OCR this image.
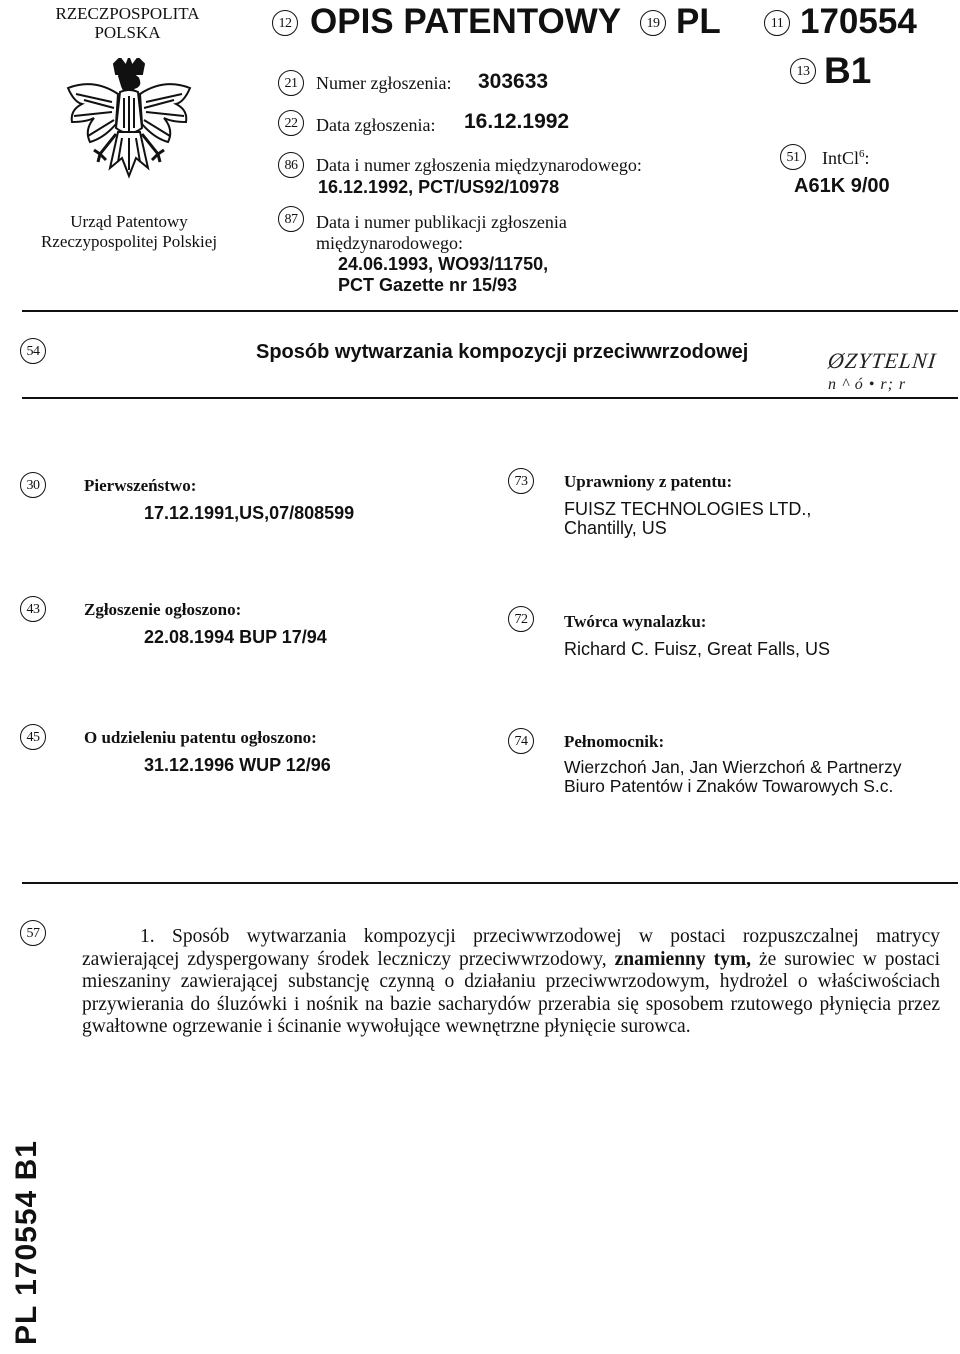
RZECZPOSPOLITA
POLSKA
Urząd Patentowy
Rzeczypospolitej Polskiej
12 OPIS PATENTOWY	19 PL	11 170554
13 B1
51	IntCl$^6$:
A61K 9/00
21	Numer zgłoszenia: 303633
22	Data zgłoszenia: 16.12.1992
86	Data i numer zgłoszenia międzynarodowego:
16.12.1992, PCT/US92/10978
87	Data i numer publikacji zgłoszenia
międzynarodowego:
24.06.1993, WO93/11750,
PCT Gazette nr 15/93
54	Sposób wytwarzania kompozycji przeciwwrzodowej	ØZYTELNI
n ^ ó • r; r
30	Pierwszeństwo:
17.12.1991,US,07/808599
73	Uprawniony z patentu:
FUISZ TECHNOLOGIES LTD.,
Chantilly, US
43	Zgłoszenie ogłoszono:
22.08.1994 BUP 17/94
72	Twórca wynalazku:
Richard C. Fuisz, Great Falls, US
45	O udzieleniu patentu ogłoszono:
31.12.1996 WUP 12/96
74	Pełnomocnik:
Wierzchoń Jan, Jan Wierzchoń & Partnerzy
Biuro Patentów i Znaków Towarowych S.c.
57	1. Sposób wytwarzania kompozycji przeciwwrzodowej w postaci rozpuszczalnej matrycy zawierającej zdyspergowany środek leczniczy przeciwwrzodowy, znamienny tym, że surowiec w postaci mieszaniny zawierającej substancję czynną o działaniu przeciwwrzodowym, hydrożel o właściwościach przywierania do śluzówki i nośnik na bazie sacharydów przerabia się sposobem rzutowego płynięcia przez gwałtowne ogrzewanie i ścinanie wywołujące wewnętrzne płynięcie surowca.
PL 170554 B1
